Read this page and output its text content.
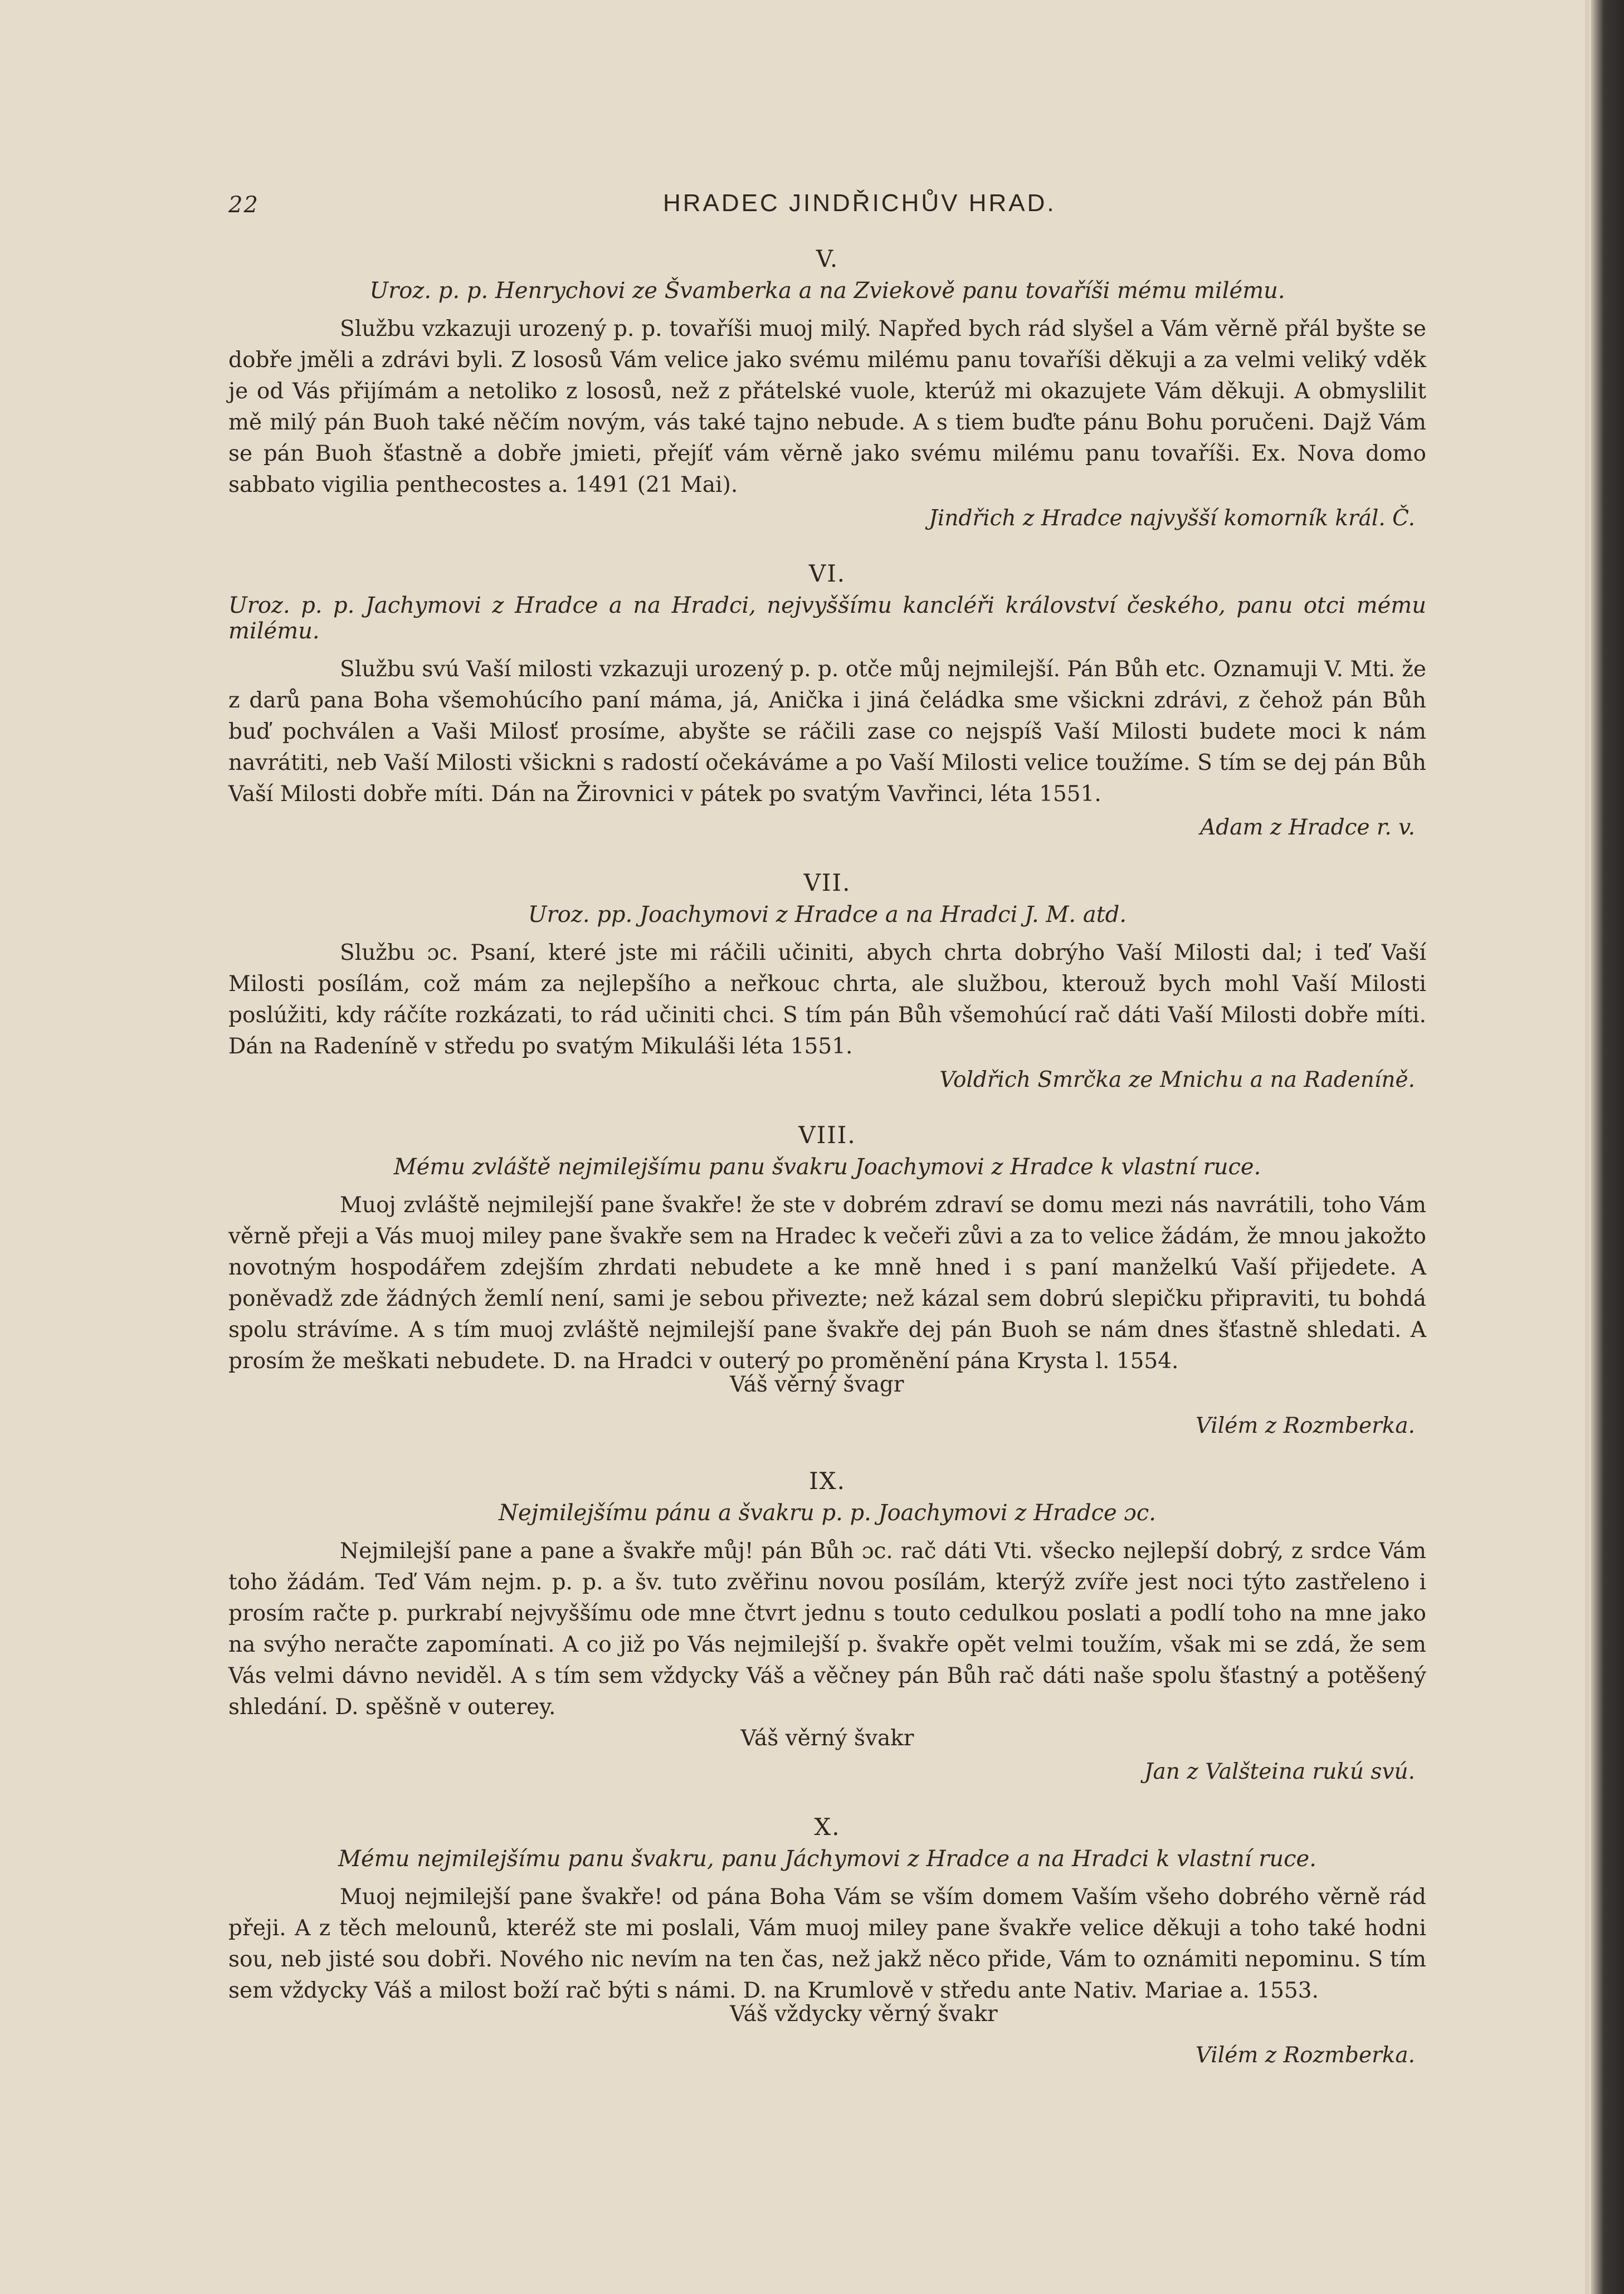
22	HRADEC JINDŘICHŮV HRAD.
V.
Uroz. p. p. Henrychovi ze Švamberka a na Zviekově panu tovaříši mému milému.

Službu vzkazuji urozený p. p. tovaříši muoj milý. Napřed bych rád slyšel a Vám věrně přál byšte se dobře jměli a zdrávi byli. Z lososů Vám velice jako svému milému panu tovaříši děkuji a za velmi veliký vděk je od Vás přijímám a netoliko z lososů, než z přátelské vuole, kterúž mi okazujete Vám děkuji. A obmyslilit mě milý pán Buoh také něčím novým, vás také tajno nebude. A s tiem buďte pánu Bohu poručeni. Dajž Vám se pán Buoh šťastně a dobře jmieti, přejíť vám věrně jako svému milému panu tovaříši. Ex. Nova domo sabbato vigilia penthecostes a. 1491 (21 Mai).

Jindřich z Hradce najvyšší komorník král. Č.
VI.
Uroz. p. p. Jachymovi z Hradce a na Hradci, nejvyššímu kancléři království českého, panu otci mému milému.

Službu svú Vaší milosti vzkazuji urozený p. p. otče můj nejmilejší. Pán Bůh etc. Oznamuji V. Mti. že z darů pana Boha všemohúcího paní máma, já, Anička i jiná čeládka sme všickni zdrávi, z čehož pán Bůh buď pochválen a Vaši Milosť prosíme, abyšte se ráčili zase co nejspíš Vaší Milosti budete moci k nám navrátiti, neb Vaší Milosti všickni s radostí očekáváme a po Vaší Milosti velice toužíme. S tím se dej pán Bůh Vaší Milosti dobře míti. Dán na Žirovnici v pátek po svatým Vavřinci, léta 1551.

Adam z Hradce r. v.
VII.
Uroz. pp. Joachymovi z Hradce a na Hradci J. M. atd.

Službu ɔc. Psaní, které jste mi ráčili učiniti, abych chrta dobrýho Vaší Milosti dal; i teď Vaší Milosti posílám, což mám za nejlepšího a neřkouc chrta, ale službou, kterouž bych mohl Vaší Milosti poslúžiti, kdy ráčíte rozkázati, to rád učiniti chci. S tím pán Bůh všemohúcí rač dáti Vaší Milosti dobře míti. Dán na Radeníně v středu po svatým Mikuláši léta 1551.

Voldřich Smrčka ze Mnichu a na Radeníně.
VIII.
Mému zvláště nejmilejšímu panu švakru Joachymovi z Hradce k vlastní ruce.

Muoj zvláště nejmilejší pane švakře! že ste v dobrém zdraví se domu mezi nás navrátili, toho Vám věrně přeji a Vás muoj miley pane švakře sem na Hradec k večeři zůvi a za to velice žádám, že mnou jakožto novotným hospodářem zdejším zhrdati nebudete a ke mně hned i s paní manželkú Vaší přijedete. A poněvadž zde žádných žemlí není, sami je sebou přivezte; než kázal sem dobrú slepičku připraviti, tu bohdá spolu strávíme. A s tím muoj zvláště nejmilejší pane švakře dej pán Buoh se nám dnes šťastně shledati. A prosím že meškati nebudete. D. na Hradci v outerý po proměnění pána Krysta l. 1554.

Váš věrný švagr

Vilém z Rozmberka.
IX.
Nejmilejšímu pánu a švakru p. p. Joachymovi z Hradce ɔc.

Nejmilejší pane a pane a švakře můj! pán Bůh ɔc. rač dáti Vti. všecko nejlepší dobrý, z srdce Vám toho žádám. Teď Vám nejm. p. p. a šv. tuto zvěřinu novou posílám, kterýž zvíře jest noci týto zastřeleno i prosím račte p. purkrabí nejvyššímu ode mne čtvrt jednu s touto cedulkou poslati a podlí toho na mne jako na svýho neračte zapomínati. A co již po Vás nejmilejší p. švakře opět velmi toužím, však mi se zdá, že sem Vás velmi dávno neviděl. A s tím sem vždycky Váš a věčney pán Bůh rač dáti naše spolu šťastný a potěšený shledání. D. spěšně v outerey.

Váš věrný švakr
Jan z Valšteina rukú svú.
X.
Mému nejmilejšímu panu švakru, panu Jáchymovi z Hradce a na Hradci k vlastní ruce.

Muoj nejmilejší pane švakře! od pána Boha Vám se vším domem Vaším všeho dobrého věrně rád přeji. A z těch melounů, kteréž ste mi poslali, Vám muoj miley pane švakře velice děkuji a toho také hodni sou, neb jisté sou dobři. Nového nic nevím na ten čas, než jakž něco přide, Vám to oznámiti nepominu. S tím sem vždycky Váš a milost boží rač býti s námi. D. na Krumlově v středu ante Nativ. Mariae a. 1553.

Váš vždycky věrný švakr

Vilém z Rozmberka.
